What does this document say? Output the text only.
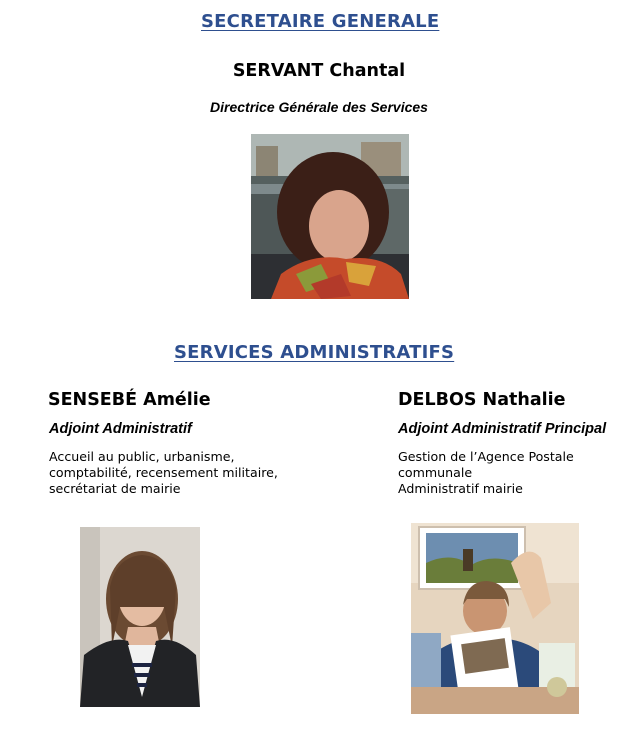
SECRETAIRE GENERALE
SERVANT Chantal
Directrice Générale des Services
SERVICES ADMINISTRATIFS
SENSEBÉ Amélie
Adjoint Administratif
Accueil au public, urbanisme,
comptabilité, recensement militaire,
secrétariat de mairie
DELBOS Nathalie
Adjoint Administratif Principal
Gestion de l’Agence Postale
communale
Administratif mairie
